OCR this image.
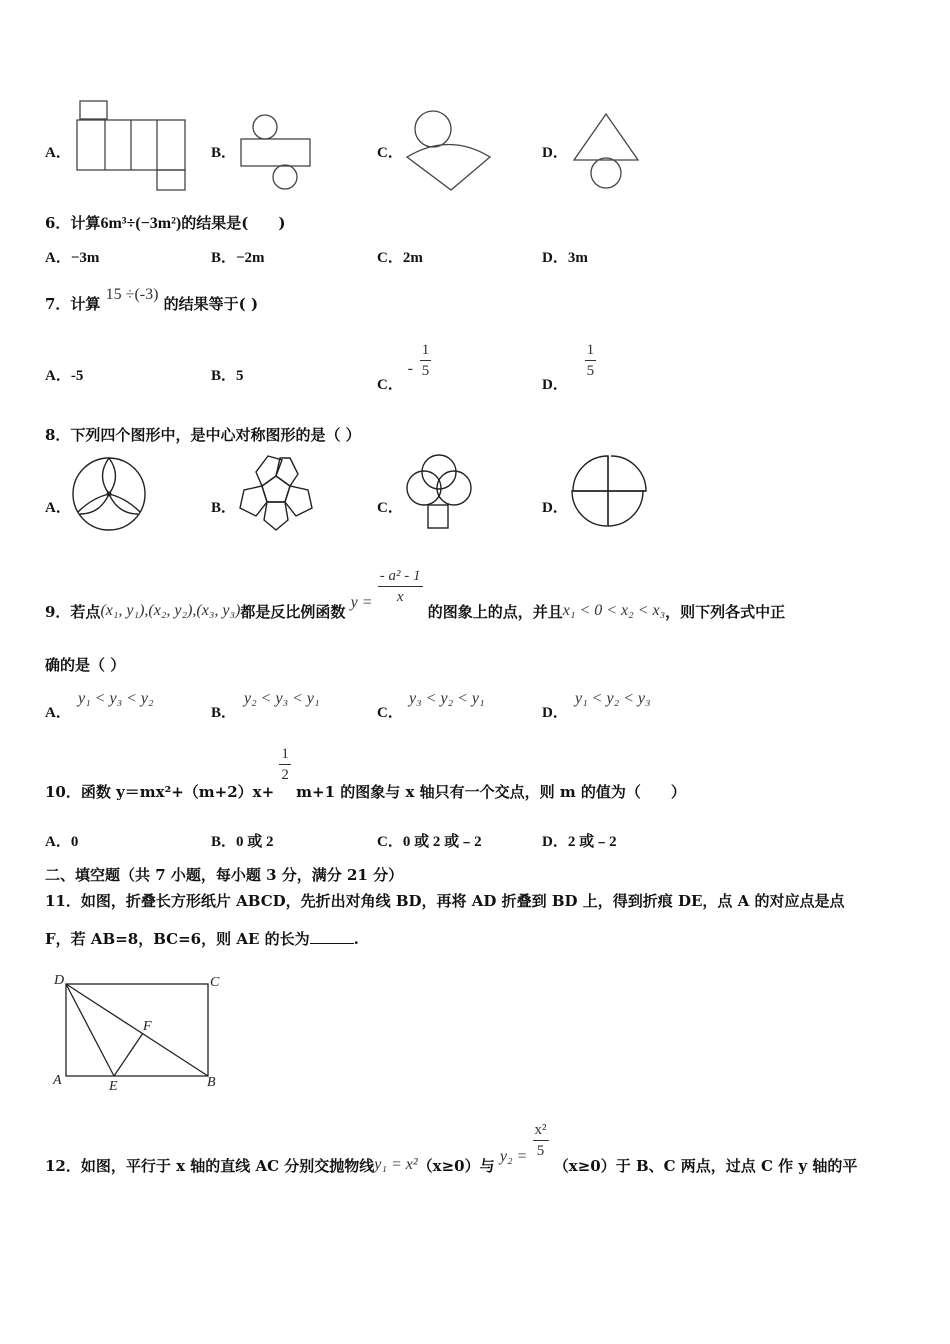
A．	B．	C．	D．
6．计算6m³÷(−3m²)的结果是(　　)
A．−3m	B．−2m	C．2m	D．3m
7．计算 15 ÷(-3) 的结果等于( )
A．-5	B．5
C． - $\frac{1}{5}$
D．
$\frac{1}{5}$
8．下列四个图形中，是中心对称图形的是（ ）
A．	B．	C．	D．
9．若点(x₁, y₁),(x₂, y₂),(x₃, y₃)都是反比例函数 $y = \frac{\text{- a² - 1}}{x}$
的图象上的点，并且x₁ < 0 < x₂ < x₃，则下列各式中正
确的是（ ）
A．
y₁ < y₃ < y₂
B．
y₂ < y₃ < y₁
C．
y₃ < y₂ < y₁
D．
y₁ < y₂ < y₃
10．函数 y＝mx²+（m+2）x+
$\frac{1}{2}$
m+1 的图象与 x 轴只有一个交点，则 m 的值为（　　）
A．0	B．0 或 2	C．0 或 2 或﹣2	D．2 或﹣2
二、填空题（共 7 小题，每小题 3 分，满分 21 分）
11．如图，折叠长方形纸片 ABCD，先折出对角线 BD，再将 AD 折叠到 BD 上，得到折痕 DE，点 A 的对应点是点
F，若 AB=8，BC=6，则 AE 的长为	.
D	C
A	E	B
F
12．如图，平行于 x 轴的直线 AC 分别交抛物线y₁ = x²（x≥0）与 $y_2 = \frac{\text{x²}}{5}$
（x≥0）于 B、C 两点，过点 C 作 y 轴的平
